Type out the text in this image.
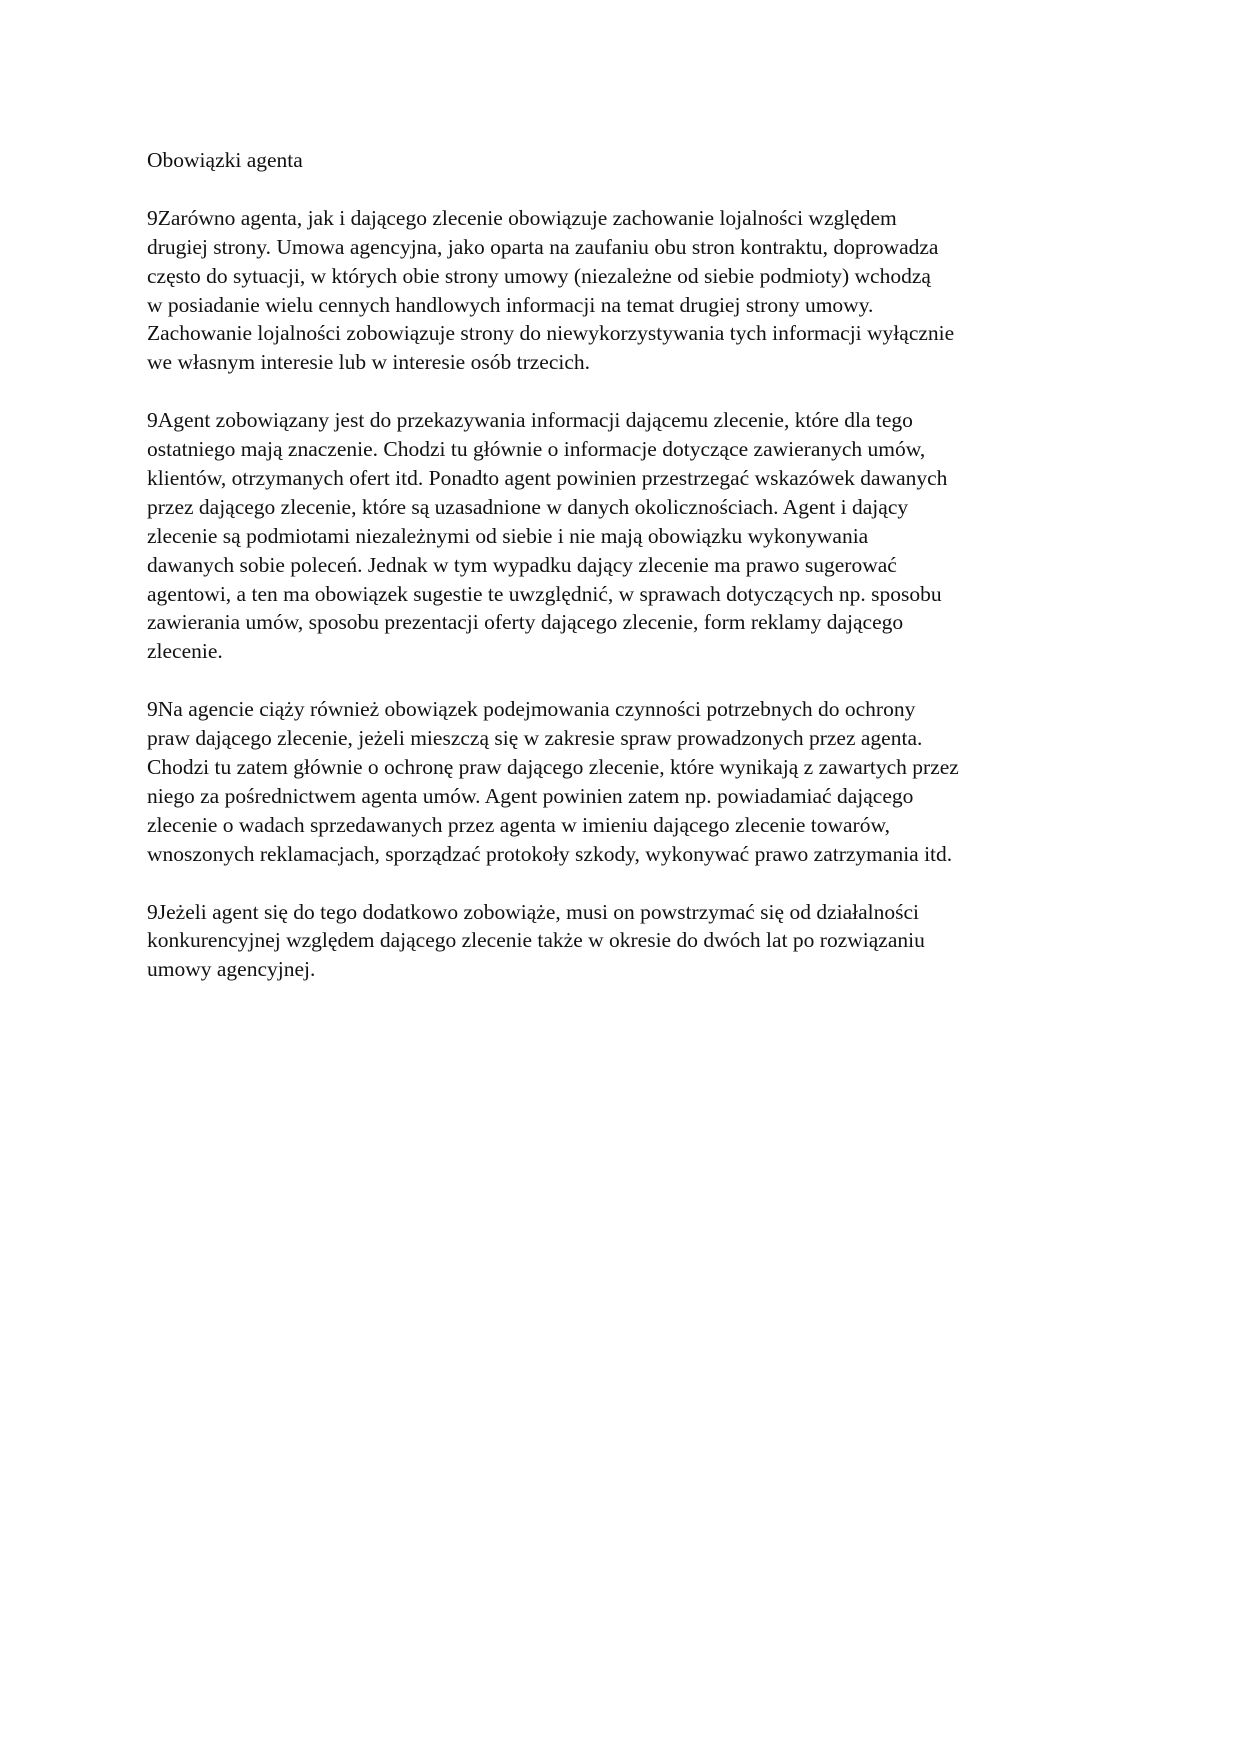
Obowiązki agenta

9Zarówno agenta, jak i dającego zlecenie obowiązuje zachowanie lojalności względem
drugiej strony. Umowa agencyjna, jako oparta na zaufaniu obu stron kontraktu, doprowadza
często do sytuacji, w których obie strony umowy (niezależne od siebie podmioty) wchodzą
w posiadanie wielu cennych handlowych informacji na temat drugiej strony umowy.
Zachowanie lojalności zobowiązuje strony do niewykorzystywania tych informacji wyłącznie
we własnym interesie lub w interesie osób trzecich.

9Agent zobowiązany jest do przekazywania informacji dającemu zlecenie, które dla tego
ostatniego mają znaczenie. Chodzi tu głównie o informacje dotyczące zawieranych umów,
klientów, otrzymanych ofert itd. Ponadto agent powinien przestrzegać wskazówek dawanych
przez dającego zlecenie, które są uzasadnione w danych okolicznościach. Agent i dający
zlecenie są podmiotami niezależnymi od siebie i nie mają obowiązku wykonywania
dawanych sobie poleceń. Jednak w tym wypadku dający zlecenie ma prawo sugerować
agentowi, a ten ma obowiązek sugestie te uwzględnić, w sprawach dotyczących np. sposobu
zawierania umów, sposobu prezentacji oferty dającego zlecenie, form reklamy dającego
zlecenie.

9Na agencie ciąży również obowiązek podejmowania czynności potrzebnych do ochrony
praw dającego zlecenie, jeżeli mieszczą się w zakresie spraw prowadzonych przez agenta.
Chodzi tu zatem głównie o ochronę praw dającego zlecenie, które wynikają z zawartych przez
niego za pośrednictwem agenta umów. Agent powinien zatem np. powiadamiać dającego
zlecenie o wadach sprzedawanych przez agenta w imieniu dającego zlecenie towarów,
wnoszonych reklamacjach, sporządzać protokoły szkody, wykonywać prawo zatrzymania itd.

9Jeżeli agent się do tego dodatkowo zobowiąże, musi on powstrzymać się od działalności
konkurencyjnej względem dającego zlecenie także w okresie do dwóch lat po rozwiązaniu
umowy agencyjnej.
